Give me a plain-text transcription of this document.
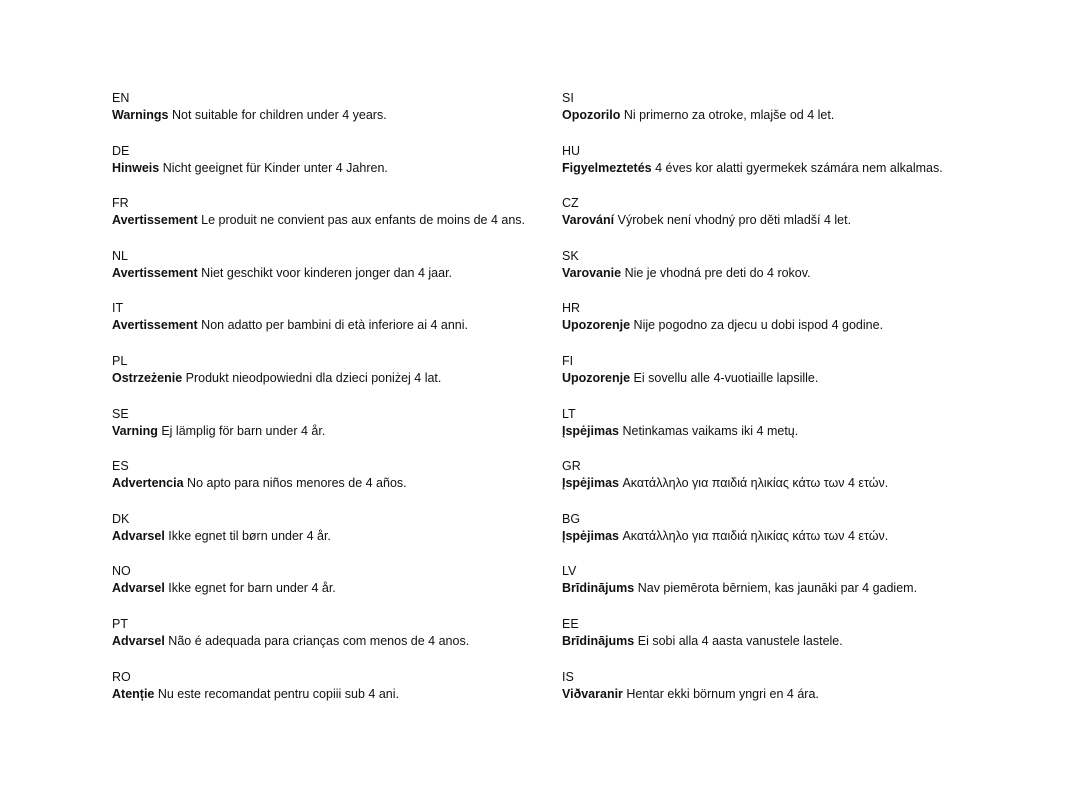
EN
Warnings Not suitable for children under 4 years.
DE
Hinweis Nicht geeignet für Kinder unter 4 Jahren.
FR
Avertissement Le produit ne convient pas aux enfants de moins de 4 ans.
NL
Avertissement Niet geschikt voor kinderen jonger dan 4 jaar.
IT
Avertissement Non adatto per bambini di età inferiore ai 4 anni.
PL
Ostrzeżenie Produkt nieodpowiedni dla dzieci poniżej 4 lat.
SE
Varning Ej lämplig för barn under 4 år.
ES
Advertencia No apto para niños menores de 4 años.
DK
Advarsel Ikke egnet til børn under 4 år.
NO
Advarsel Ikke egnet for barn under 4 år.
PT
Advarsel Não é adequada para crianças com menos de 4 anos.
RO
Atenție Nu este recomandat pentru copiii sub 4 ani.
SI
Opozorilo Ni primerno za otroke, mlajše od 4 let.
HU
Figyelmeztetés 4 éves kor alatti gyermekek számára nem alkalmas.
CZ
Varování Výrobek není vhodný pro děti mladší 4 let.
SK
Varovanie Nie je vhodná pre deti do 4 rokov.
HR
Upozorenje Nije pogodno za djecu u dobi ispod 4 godine.
FI
Upozorenje Ei sovellu alle 4-vuotiaille lapsille.
LT
Įspėjimas Netinkamas vaikams iki 4 metų.
GR
Įspėjimas Ακατάλληλο για παιδιά ηλικίας κάτω των 4 ετών.
BG
Įspėjimas Ακατάλληλο για παιδιά ηλικίας κάτω των 4 ετών.
LV
Brīdinājums Nav piemērota bērniem, kas jaunāki par 4 gadiem.
EE
Brīdinājums Ei sobi alla 4 aasta vanustele lastele.
IS
Viðvaranir Hentar ekki börnum yngri en 4 ára.
